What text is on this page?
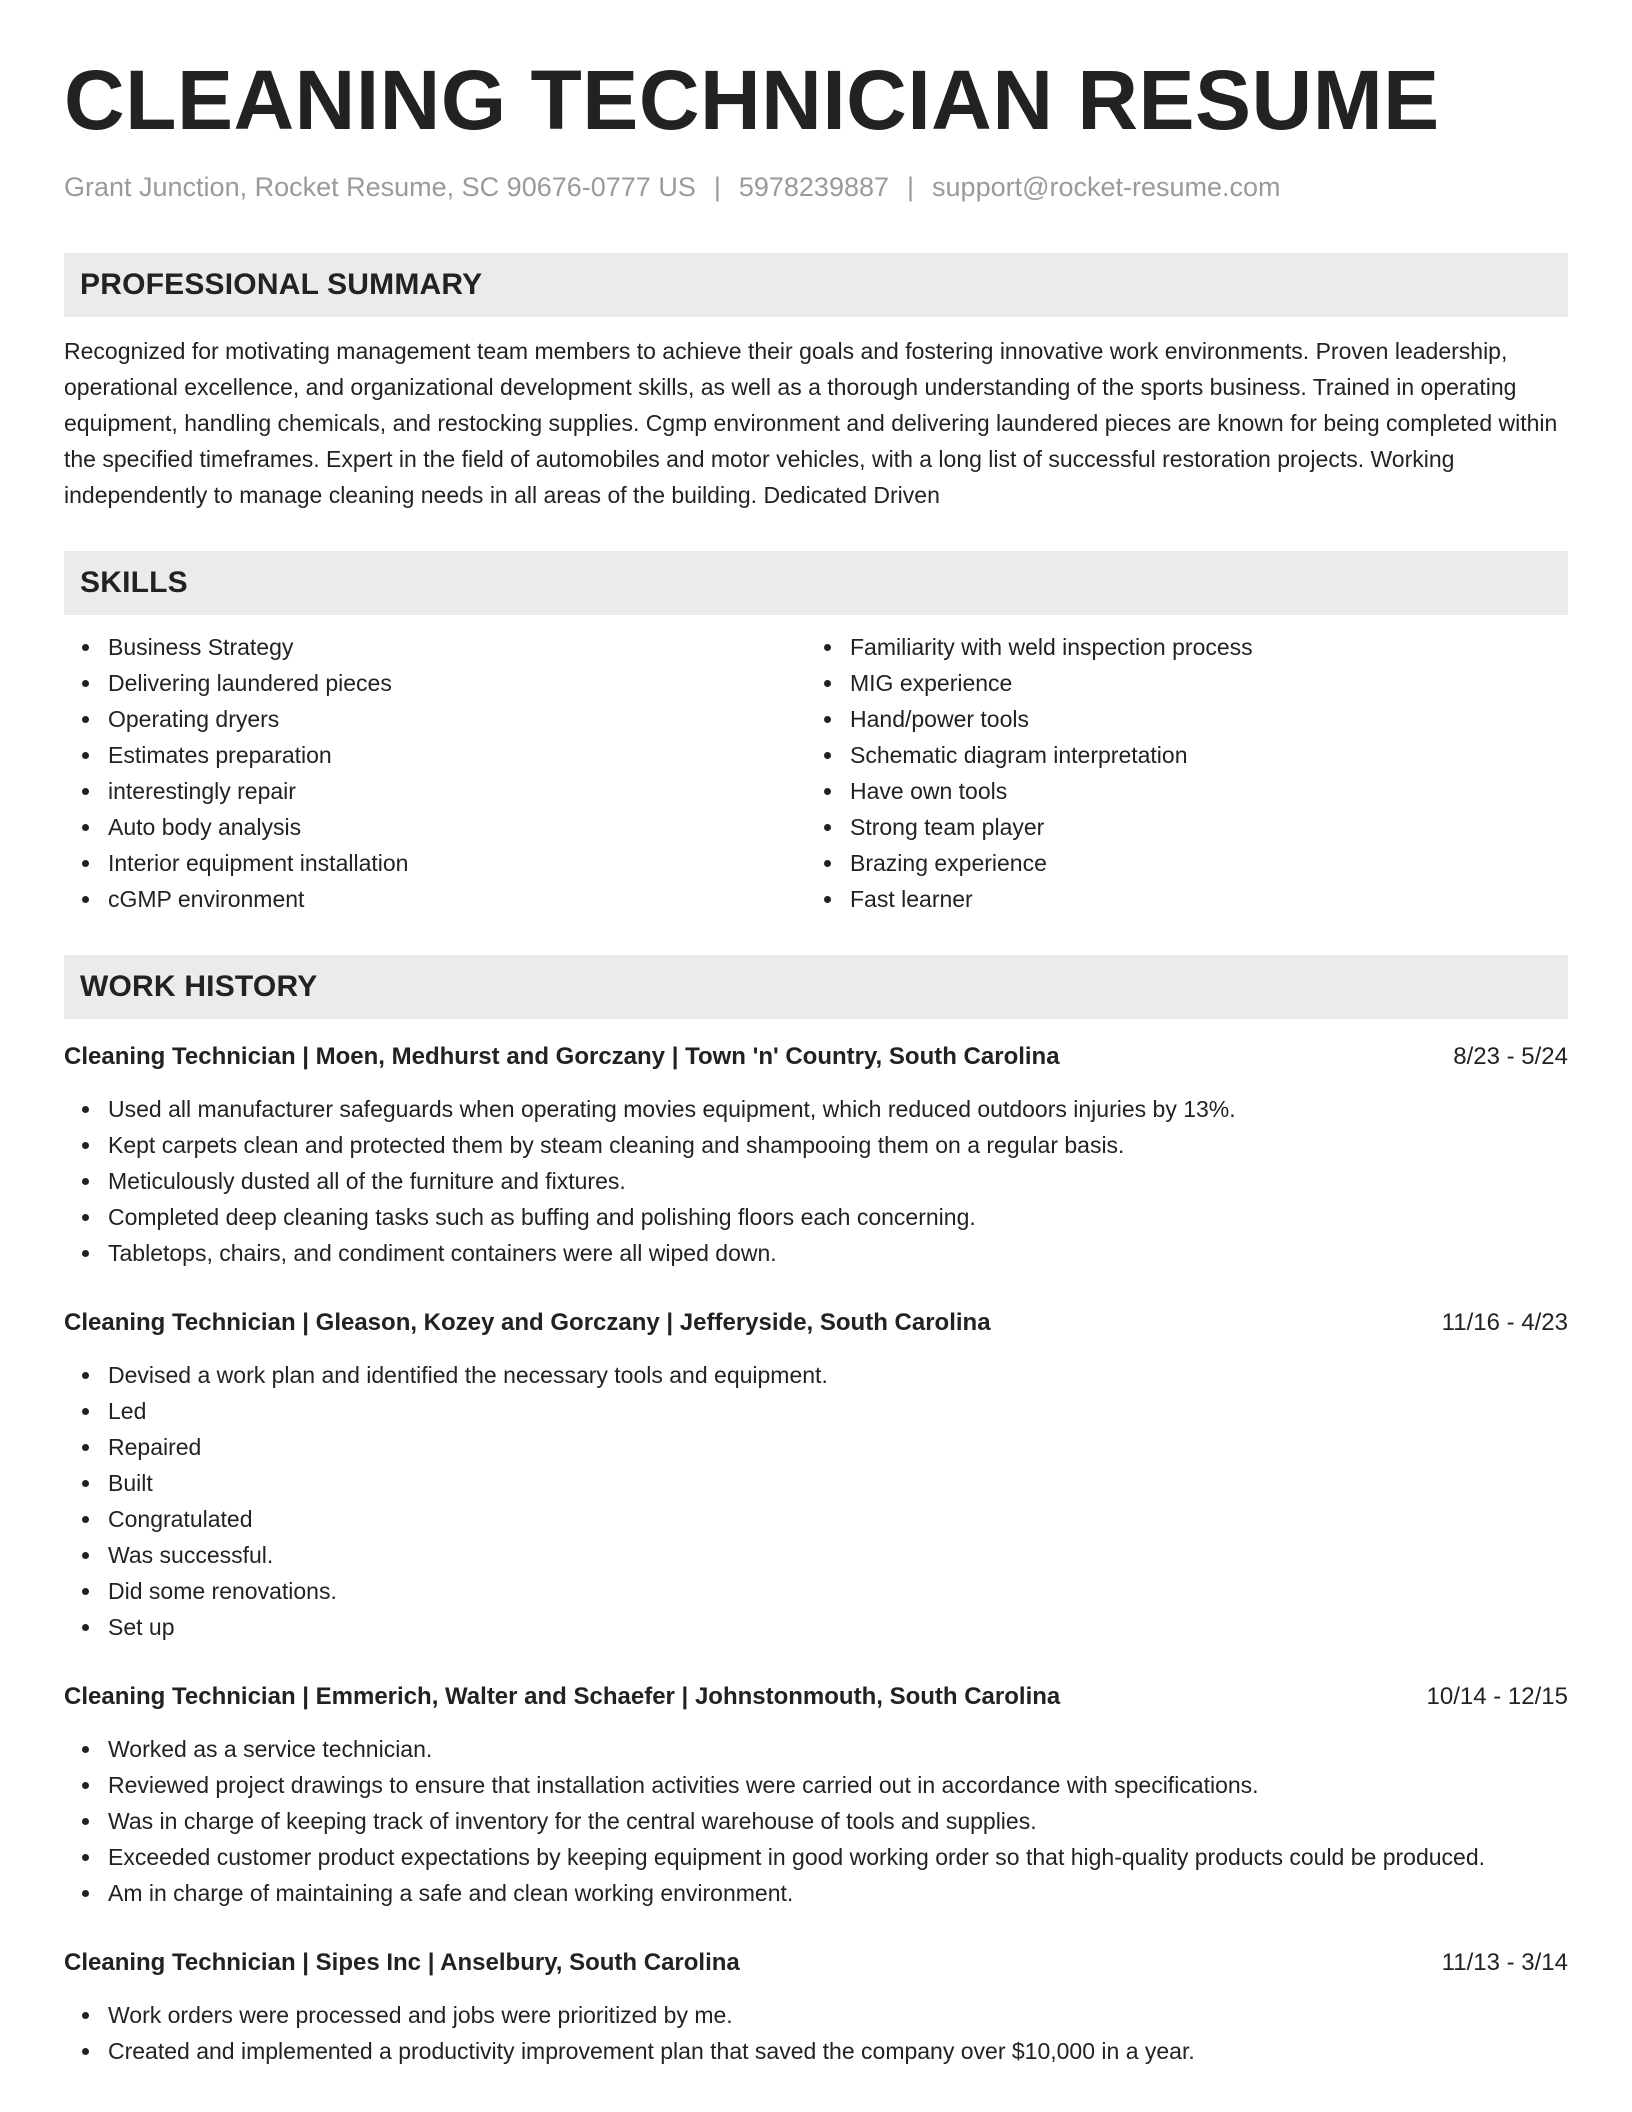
CLEANING TECHNICIAN RESUME
Grant Junction, Rocket Resume, SC 90676-0777 US | 5978239887 | support@rocket-resume.com
PROFESSIONAL SUMMARY
Recognized for motivating management team members to achieve their goals and fostering innovative work environments. Proven leadership, operational excellence, and organizational development skills, as well as a thorough understanding of the sports business. Trained in operating equipment, handling chemicals, and restocking supplies. Cgmp environment and delivering laundered pieces are known for being completed within the specified timeframes. Expert in the field of automobiles and motor vehicles, with a long list of successful restoration projects. Working independently to manage cleaning needs in all areas of the building. Dedicated Driven
SKILLS
Business Strategy
Delivering laundered pieces
Operating dryers
Estimates preparation
interestingly repair
Auto body analysis
Interior equipment installation
cGMP environment
Familiarity with weld inspection process
MIG experience
Hand/power tools
Schematic diagram interpretation
Have own tools
Strong team player
Brazing experience
Fast learner
WORK HISTORY
Cleaning Technician | Moen, Medhurst and Gorczany | Town 'n' Country, South Carolina	8/23 - 5/24
Used all manufacturer safeguards when operating movies equipment, which reduced outdoors injuries by 13%.
Kept carpets clean and protected them by steam cleaning and shampooing them on a regular basis.
Meticulously dusted all of the furniture and fixtures.
Completed deep cleaning tasks such as buffing and polishing floors each concerning.
Tabletops, chairs, and condiment containers were all wiped down.
Cleaning Technician | Gleason, Kozey and Gorczany | Jefferyside, South Carolina	11/16 - 4/23
Devised a work plan and identified the necessary tools and equipment.
Led
Repaired
Built
Congratulated
Was successful.
Did some renovations.
Set up
Cleaning Technician | Emmerich, Walter and Schaefer | Johnstonmouth, South Carolina	10/14 - 12/15
Worked as a service technician.
Reviewed project drawings to ensure that installation activities were carried out in accordance with specifications.
Was in charge of keeping track of inventory for the central warehouse of tools and supplies.
Exceeded customer product expectations by keeping equipment in good working order so that high-quality products could be produced.
Am in charge of maintaining a safe and clean working environment.
Cleaning Technician | Sipes Inc | Anselbury, South Carolina	11/13 - 3/14
Work orders were processed and jobs were prioritized by me.
Created and implemented a productivity improvement plan that saved the company over $10,000 in a year.
